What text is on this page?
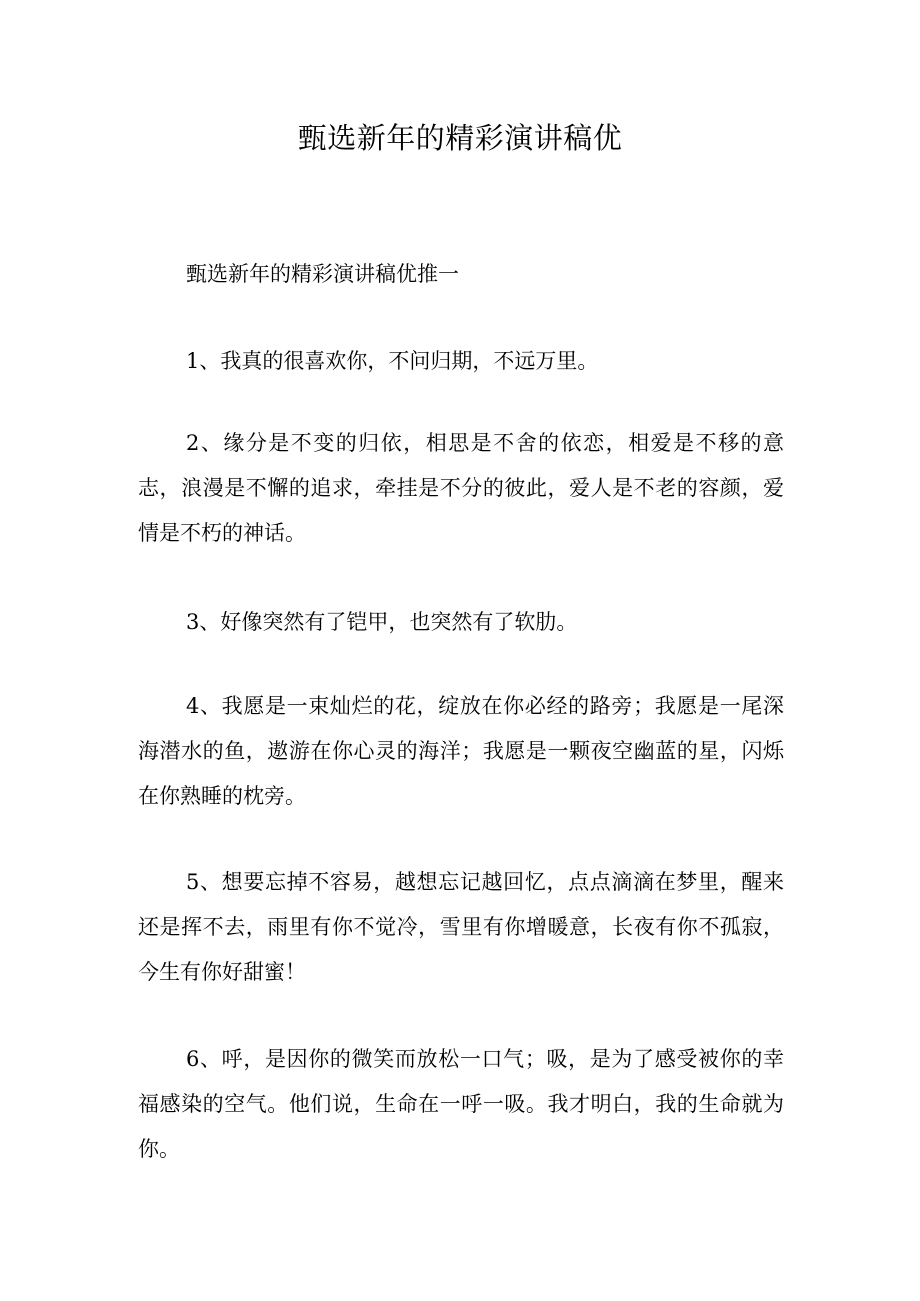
甄选新年的精彩演讲稿优

甄选新年的精彩演讲稿优推一

1、我真的很喜欢你，不问归期，不远万里。

2、缘分是不变的归依，相思是不舍的依恋，相爱是不移的意志，浪漫是不懈的追求，牵挂是不分的彼此，爱人是不老的容颜，爱情是不朽的神话。

3、好像突然有了铠甲，也突然有了软肋。

4、我愿是一束灿烂的花，绽放在你必经的路旁；我愿是一尾深海潜水的鱼，遨游在你心灵的海洋；我愿是一颗夜空幽蓝的星，闪烁在你熟睡的枕旁。

5、想要忘掉不容易，越想忘记越回忆，点点滴滴在梦里，醒来还是挥不去，雨里有你不觉冷，雪里有你增暖意，长夜有你不孤寂，今生有你好甜蜜！

6、呼，是因你的微笑而放松一口气；吸，是为了感受被你的幸福感染的空气。他们说，生命在一呼一吸。我才明白，我的生命就为你。
